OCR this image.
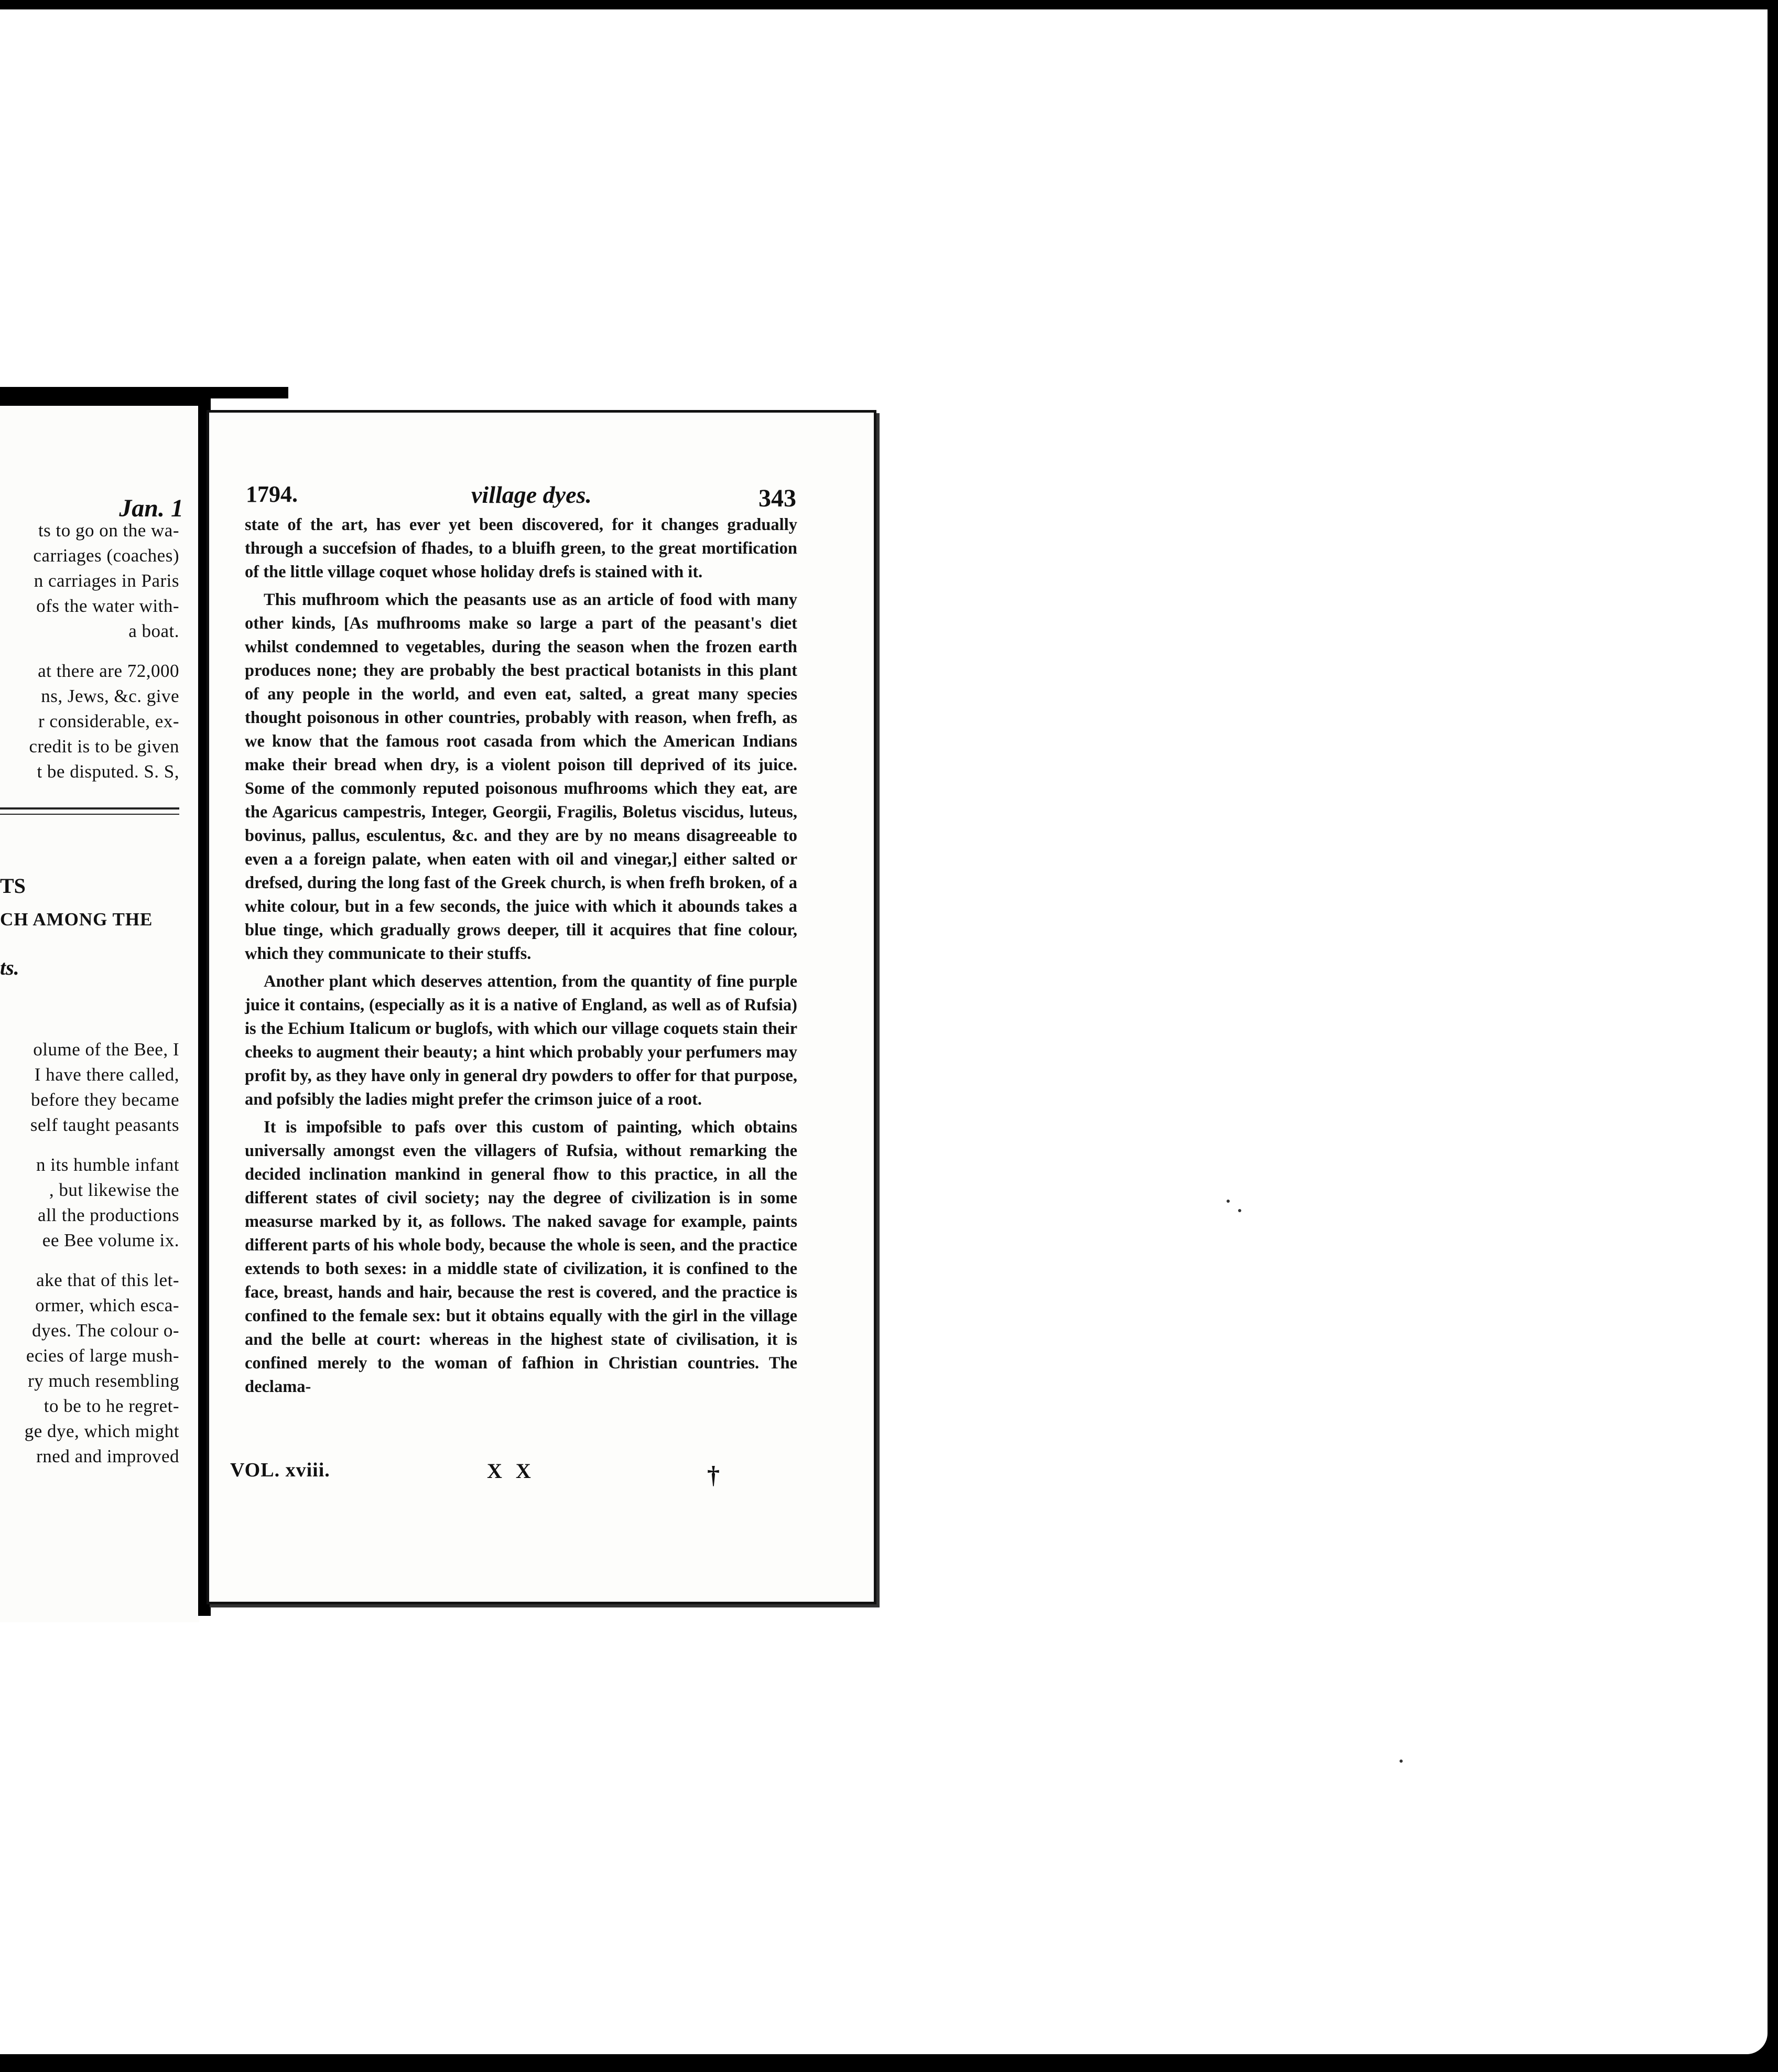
Jan. 1
ts to go on the wa-
carriages (coaches)
n carriages in Paris
ofs the water with-
a boat.
at there are 72,000
ns, Jews, &c. give
r considerable, ex-
credit is to be given
t be disputed. S. S,
TS
CH AMONG THE
ts.
olume of the Bee, I
I have there called,
before they became
self taught peasants
n its humble infant
, but likewise the
all the productions
ee Bee volume ix.
ake that of this let-
ormer, which esca-
dyes. The colour o-
ecies of large mush-
ry much resembling
to be to he regret-
ge dye, which might
rned and improved
1794.	village dyes.	343

state of the art, has ever yet been discovered, for it changes gradually through a succefsion of fhades, to a bluifh green, to the great mortification of the little village coquet whose holiday drefs is stained with it.

This mufhroom which the peasants use as an article of food with many other kinds, [As mufhrooms make so large a part of the peasant's diet whilst condemned to vegetables, during the season when the frozen earth produces none; they are probably the best practical botanists in this plant of any people in the world, and even eat, salted, a great many species thought poisonous in other countries, probably with reason, when frefh, as we know that the famous root casada from which the American Indians make their bread when dry, is a violent poison till deprived of its juice. Some of the commonly reputed poisonous mufhrooms which they eat, are the Agaricus campestris, Integer, Georgii, Fragilis, Boletus viscidus, luteus, bovinus, pallus, esculentus, &c. and they are by no means disagreeable to even a a foreign palate, when eaten with oil and vinegar,] either salted or drefsed, during the long fast of the Greek church, is when frefh broken, of a white colour, but in a few seconds, the juice with which it abounds takes a blue tinge, which gradually grows deeper, till it acquires that fine colour, which they communicate to their stuffs.

Another plant which deserves attention, from the quantity of fine purple juice it contains, (especially as it is a native of England, as well as of Rufsia) is the Echium Italicum or buglofs, with which our village coquets stain their cheeks to augment their beauty; a hint which probably your perfumers may profit by, as they have only in general dry powders to offer for that purpose, and pofsibly the ladies might prefer the crimson juice of a root.

It is impofsible to pafs over this custom of painting, which obtains universally amongst even the villagers of Rufsia, without remarking the decided inclination mankind in general fhow to this practice, in all the different states of civil society; nay the degree of civilization is in some measurse marked by it, as follows. The naked savage for example, paints different parts of his whole body, because the whole is seen, and the practice extends to both sexes: in a middle state of civilization, it is confined to the face, breast, hands and hair, because the rest is covered, and the practice is confined to the female sex: but it obtains equally with the girl in the village and the belle at court: whereas in the highest state of civilisation, it is confined merely to the woman of fafhion in Christian countries. The declama-

VOL. xviii.	X X	†
